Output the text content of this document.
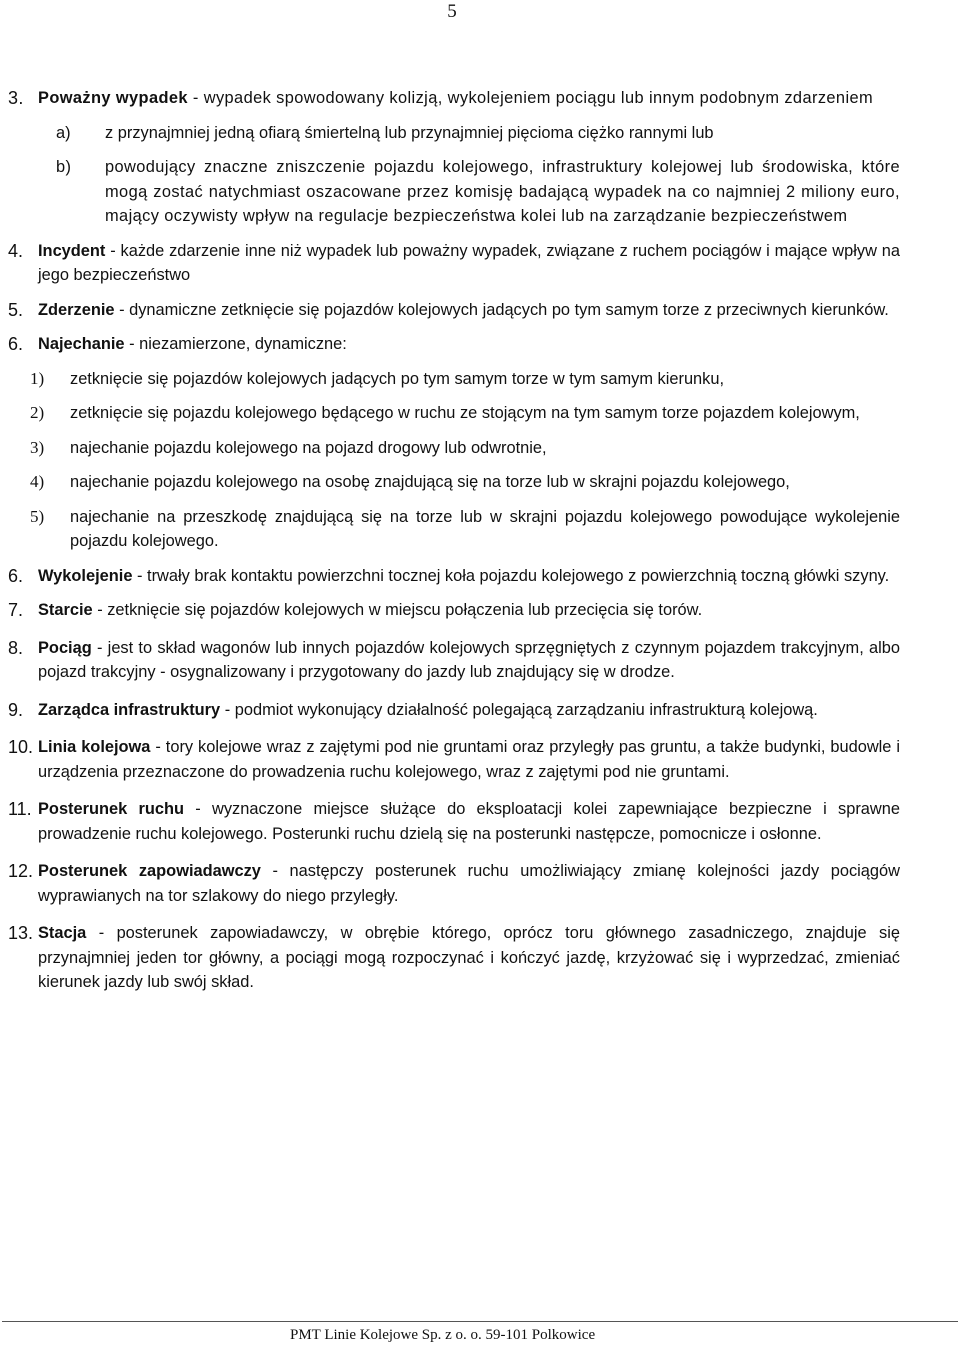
5
3. Poważny wypadek - wypadek spowodowany kolizją, wykolejeniem pociągu lub innym podobnym zdarzeniem
a) z przynajmniej jedną ofiarą śmiertelną lub przynajmniej pięcioma ciężko rannymi lub
b) powodujący znaczne zniszczenie pojazdu kolejowego, infrastruktury kolejowej lub środowiska, które mogą zostać natychmiast oszacowane przez komisję badającą wypadek na co najmniej 2 miliony euro, mający oczywisty wpływ na regulacje bezpieczeństwa kolei lub na zarządzanie bezpieczeństwem
4. Incydent - każde zdarzenie inne niż wypadek lub poważny wypadek, związane z ruchem pociągów i mające wpływ na jego bezpieczeństwo
5. Zderzenie - dynamiczne zetknięcie się pojazdów kolejowych jadących po tym samym torze z przeciwnych kierunków.
6. Najechanie - niezamierzone, dynamiczne:
1) zetknięcie się pojazdów kolejowych jadących po tym samym torze w tym samym kierunku,
2) zetknięcie się pojazdu kolejowego będącego w ruchu ze stojącym na tym samym torze pojazdem kolejowym,
3) najechanie pojazdu kolejowego na pojazd drogowy lub odwrotnie,
4) najechanie pojazdu kolejowego na osobę znajdującą się na torze lub w skrajni pojazdu kolejowego,
5) najechanie na przeszkodę znajdującą się na torze lub w skrajni pojazdu kolejowego powodujące wykolejenie pojazdu kolejowego.
6. Wykolejenie - trwały brak kontaktu powierzchni tocznej koła pojazdu kolejowego z powierzchnią toczną główki szyny.
7. Starcie - zetknięcie się pojazdów kolejowych w miejscu połączenia lub przecięcia się torów.
8. Pociąg - jest to skład wagonów lub innych pojazdów kolejowych sprzęgniętych z czynnym pojazdem trakcyjnym, albo pojazd trakcyjny - osygnalizowany i przygotowany do jazdy lub znajdujący się w drodze.
9. Zarządca infrastruktury - podmiot wykonujący działalność polegającą zarządzaniu infrastrukturą kolejową.
10. Linia kolejowa - tory kolejowe wraz z zajętymi pod nie gruntami oraz przyległy pas gruntu, a także budynki, budowle i urządzenia przeznaczone do prowadzenia ruchu kolejowego, wraz z zajętymi pod nie gruntami.
11. Posterunek ruchu - wyznaczone miejsce służące do eksploatacji kolei zapewniające bezpieczne i sprawne prowadzenie ruchu kolejowego. Posterunki ruchu dzielą się na posterunki następcze, pomocnicze i osłonne.
12. Posterunek zapowiadawczy - następczy posterunek ruchu umożliwiający zmianę kolejności jazdy pociągów wyprawianych na tor szlakowy do niego przyległy.
13. Stacja - posterunek zapowiadawczy, w obrębie którego, oprócz toru głównego zasadniczego, znajduje się przynajmniej jeden tor główny, a pociągi mogą rozpoczynać i kończyć jazdę, krzyżować się i wyprzedzać, zmieniać kierunek jazdy lub swój skład.
PMT Linie Kolejowe Sp. z o. o. 59-101 Polkowice
